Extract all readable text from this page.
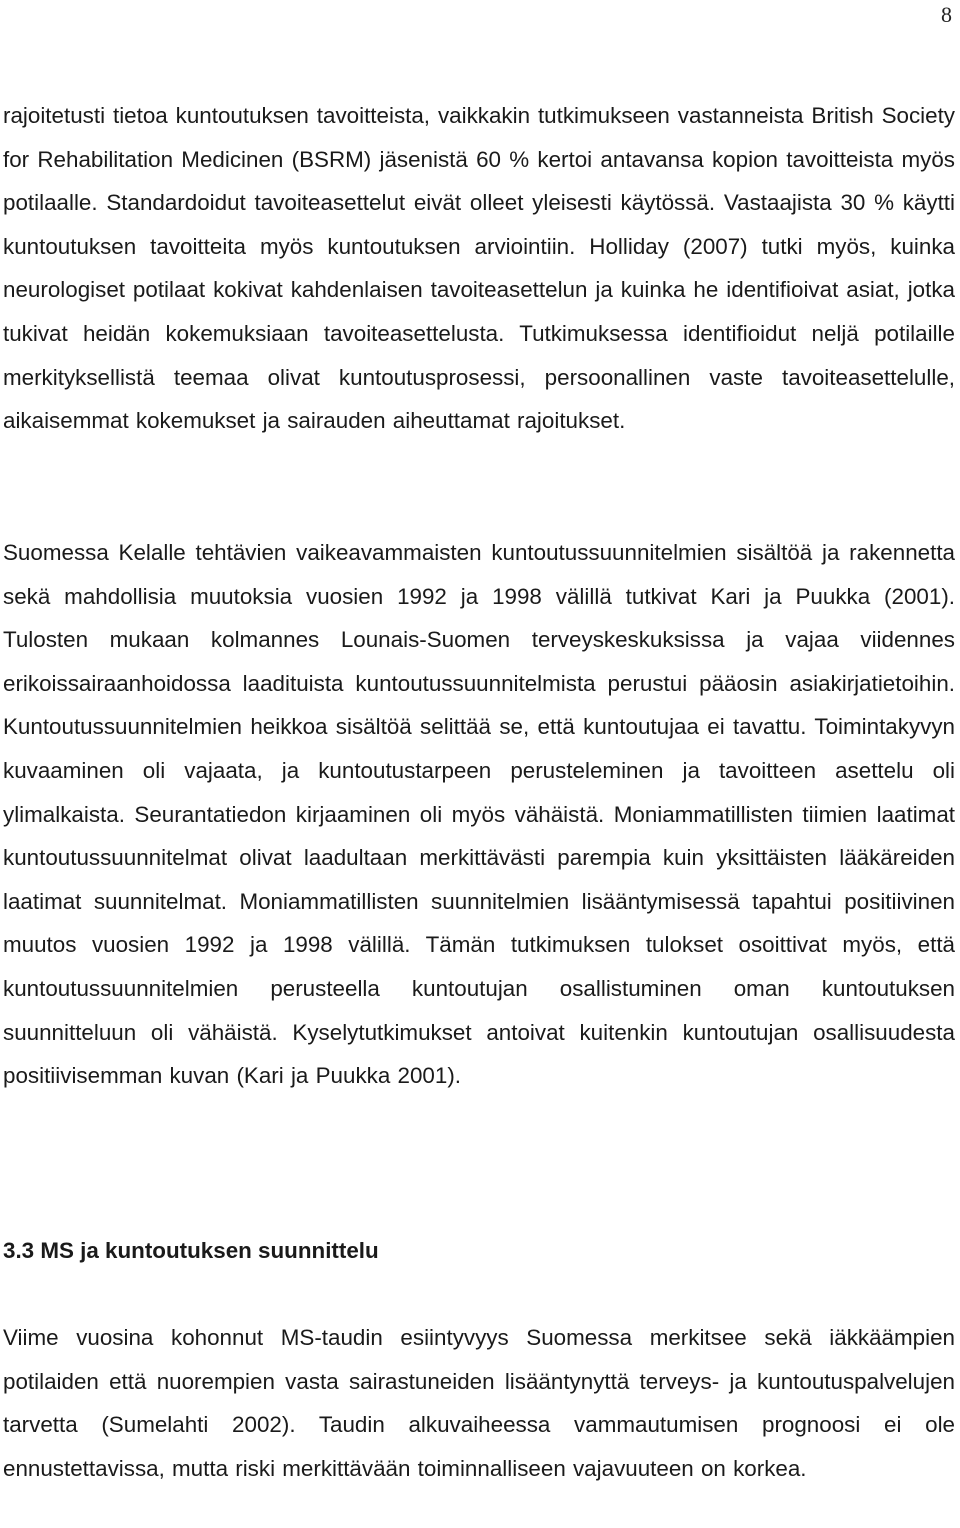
8

rajoitetusti tietoa kuntoutuksen tavoitteista, vaikkakin tutkimukseen vastanneista British Society for Rehabilitation Medicinen (BSRM) jäsenistä 60 % kertoi antavansa kopion tavoitteista myös potilaalle. Standardoidut tavoiteasettelut eivät olleet yleisesti käytössä. Vastaajista 30 % käytti kuntoutuksen tavoitteita myös kuntoutuksen arviointiin. Holliday (2007) tutki myös, kuinka neurologiset potilaat kokivat kahdenlaisen tavoiteasettelun ja kuinka he identifioivat asiat, jotka tukivat heidän kokemuksiaan tavoiteasettelusta. Tutkimuksessa identifioidut neljä potilaille merkityksellistä teemaa olivat kuntoutusprosessi, persoonallinen vaste tavoiteasettelulle, aikaisemmat kokemukset ja sairauden aiheuttamat rajoitukset.

Suomessa Kelalle tehtävien vaikeavammaisten kuntoutussuunnitelmien sisältöä ja rakennetta sekä mahdollisia muutoksia vuosien 1992 ja 1998 välillä tutkivat Kari ja Puukka (2001). Tulosten mukaan kolmannes Lounais-Suomen terveyskeskuksissa ja vajaa viidennes erikoissairaanhoidossa laadituista kuntoutussuunnitelmista perustui pääosin asiakirjatietoihin. Kuntoutussuunnitelmien heikkoa sisältöä selittää se, että kuntoutujaa ei tavattu. Toimintakyvyn kuvaaminen oli vajaata, ja kuntoutustarpeen perusteleminen ja tavoitteen asettelu oli ylimalkaista. Seurantatiedon kirjaaminen oli myös vähäistä. Moniammatillisten tiimien laatimat kuntoutussuunnitelmat olivat laadultaan merkittävästi parempia kuin yksittäisten lääkäreiden laatimat suunnitelmat. Moniammatillisten suunnitelmien lisääntymisessä tapahtui positiivinen muutos vuosien 1992 ja 1998 välillä. Tämän tutkimuksen tulokset osoittivat myös, että kuntoutussuunnitelmien perusteella kuntoutujan osallistuminen oman kuntoutuksen suunnitteluun oli vähäistä. Kyselytutkimukset antoivat kuitenkin kuntoutujan osallisuudesta positiivisemman kuvan (Kari ja Puukka 2001).

3.3 MS ja kuntoutuksen suunnittelu

Viime vuosina kohonnut MS-taudin esiintyvyys Suomessa merkitsee sekä iäkkäämpien potilaiden että nuorempien vasta sairastuneiden lisääntynyttä terveys- ja kuntoutuspalvelujen tarvetta (Sumelahti 2002). Taudin alkuvaiheessa vammautumisen prognoosi ei ole ennustettavissa, mutta riski merkittävään toiminnalliseen vajavuuteen on korkea.
